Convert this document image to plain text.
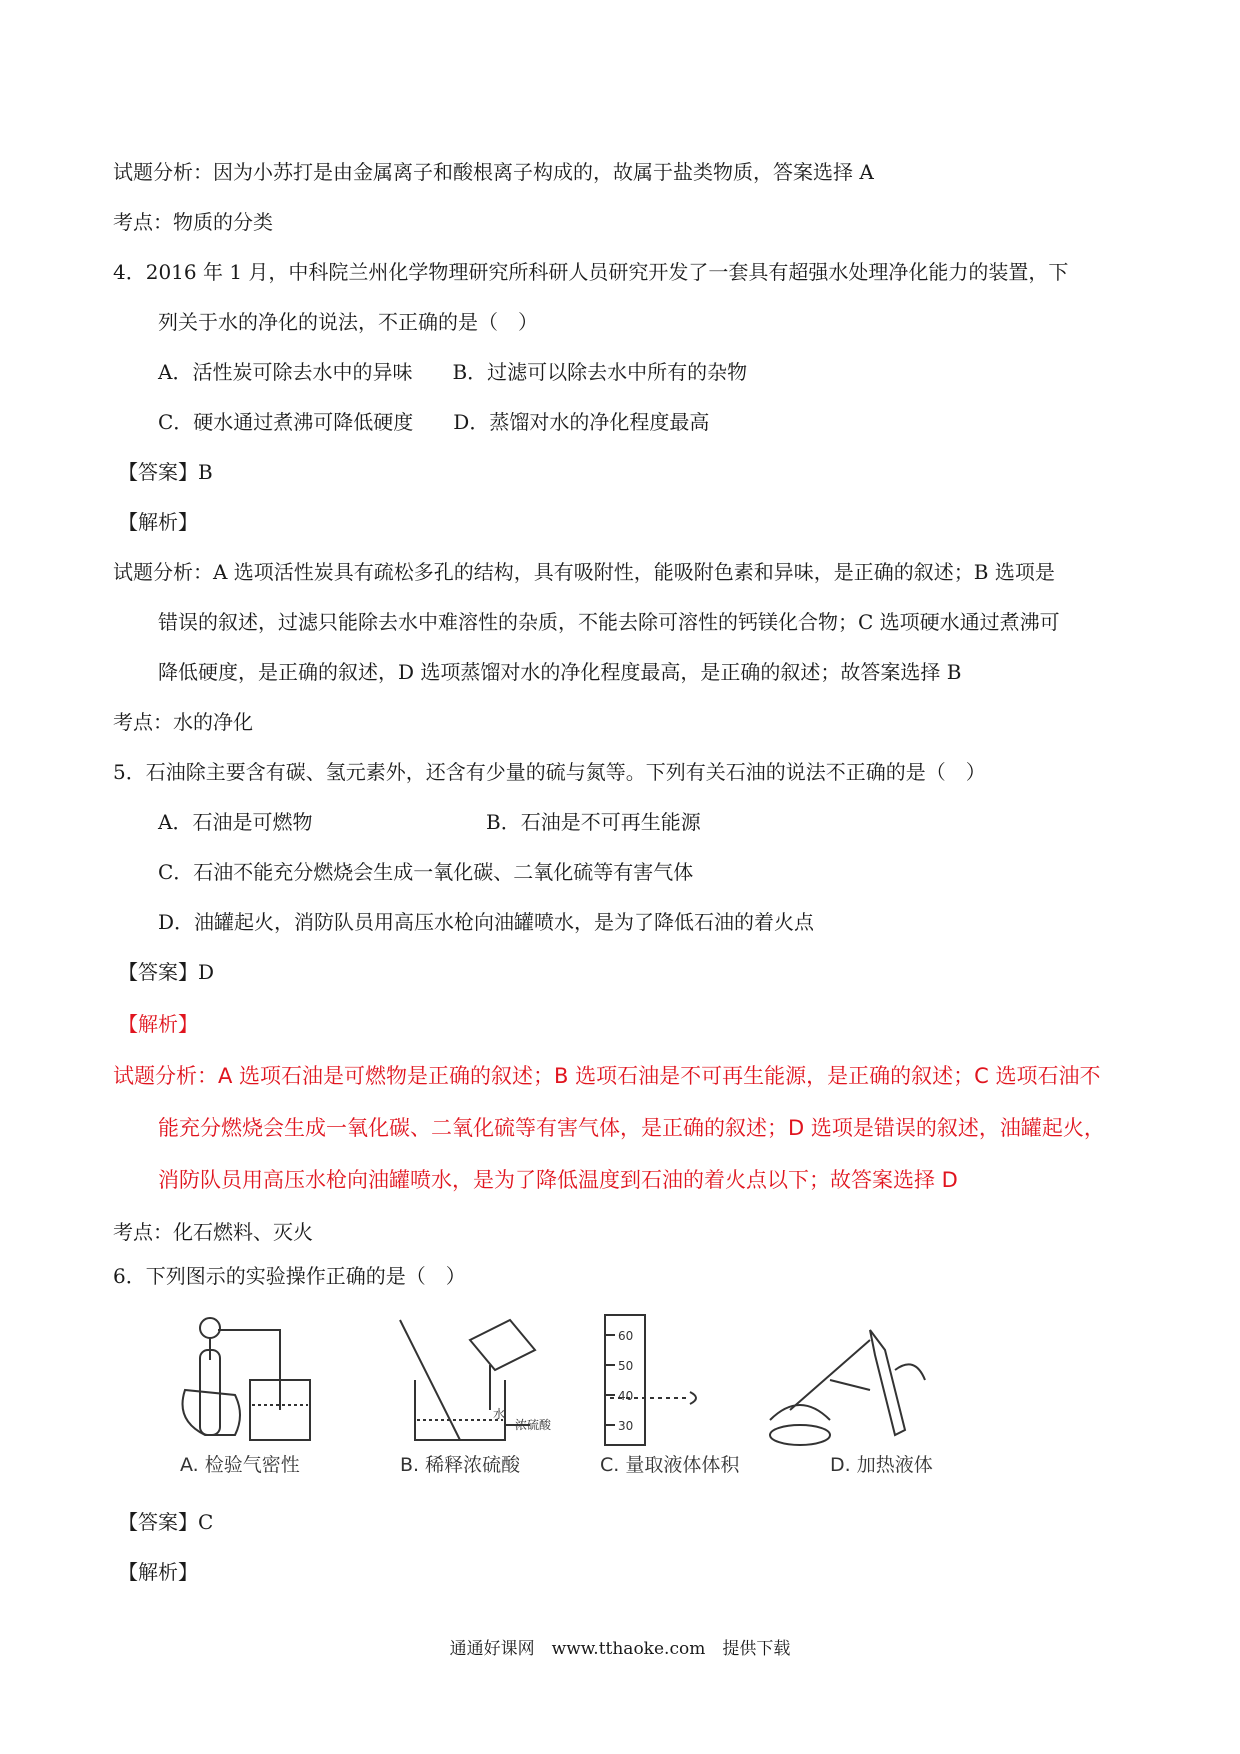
试题分析：因为小苏打是由金属离子和酸根离子构成的，故属于盐类物质，答案选择 A
考点：物质的分类
4．2016 年 1 月，中科院兰州化学物理研究所科研人员研究开发了一套具有超强水处理净化能力的装置，下
列关于水的净化的说法，不正确的是（　）
A．活性炭可除去水中的异味　　B．过滤可以除去水中所有的杂物
C．硬水通过煮沸可降低硬度　　D．蒸馏对水的净化程度最高
【答案】B
【解析】
试题分析：A 选项活性炭具有疏松多孔的结构，具有吸附性，能吸附色素和异味，是正确的叙述；B 选项是
错误的叙述，过滤只能除去水中难溶性的杂质，不能去除可溶性的钙镁化合物；C 选项硬水通过煮沸可
降低硬度，是正确的叙述，D 选项蒸馏对水的净化程度最高，是正确的叙述；故答案选择 B
考点：水的净化
5．石油除主要含有碳、氢元素外，还含有少量的硫与氮等。下列有关石油的说法不正确的是（　）
A．石油是可燃物	B．石油是不可再生能源
C．石油不能充分燃烧会生成一氧化碳、二氧化硫等有害气体
D．油罐起火，消防队员用高压水枪向油罐喷水，是为了降低石油的着火点
【答案】D
【解析】
试题分析：A 选项石油是可燃物是正确的叙述；B 选项石油是不可再生能源，是正确的叙述；C 选项石油不
能充分燃烧会生成一氧化碳、二氧化硫等有害气体，是正确的叙述；D 选项是错误的叙述，油罐起火，
消防队员用高压水枪向油罐喷水，是为了降低温度到石油的着火点以下；故答案选择 D
考点：化石燃料、灭火
6．下列图示的实验操作正确的是（　）
60
50
40
30
水
浓硫酸
A. 检验气密性	B. 稀释浓硫酸	C. 量取液体体积	D. 加热液体
【答案】C
【解析】
通通好课网　www.tthaoke.com　提供下载
